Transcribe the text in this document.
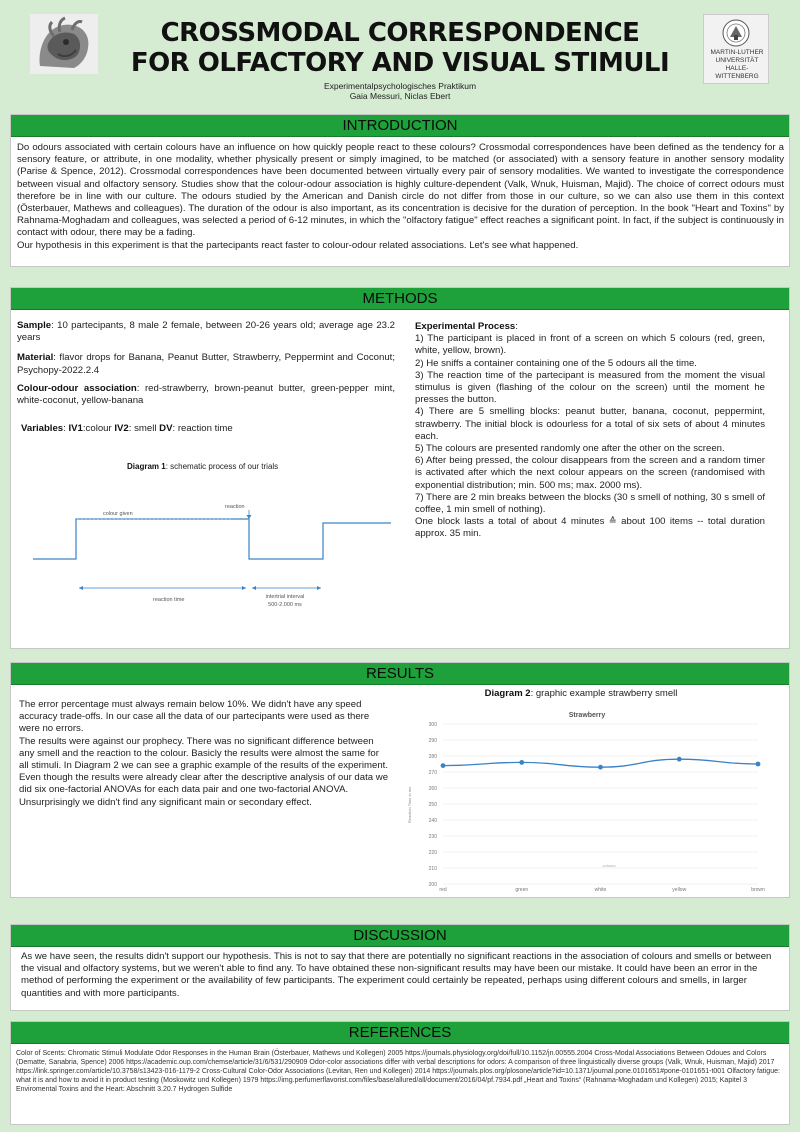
CROSSMODAL CORRESPONDENCE
FOR OLFACTORY AND VISUAL STIMULI
Experimentalpsychologisches Praktikum
Gaia Messuri, Niclas Ebert
MARTIN-LUTHER
UNIVERSITÄT
HALLE-WITTENBERG
INTRODUCTION
Do odours associated with certain colours have an influence on how quickly people react to these colours? Crossmodal correspondences have been defined as the tendency for a sensory feature, or attribute, in one modality, whether physically present or simply imagined, to be matched (or associated) with a sensory feature in another sensory modality (Parise & Spence, 2012). Crossmodal correspondences have been documented between virtually every pair of sensory modalities. We wanted to investigate the correspondence between visual and olfactory sensory. Studies show that the colour-odour association is highly culture-dependent (Valk, Wnuk, Huisman, Majid). The choice of correct odours must therefore be in line with our culture. The odours studied by the American and Danish circle do not differ from those in our culture, so we can also use them in this context (Österbauer, Mathews and colleagues). The duration of the odour is also important, as its concentration is decisive for the duration of perception. In the book "Heart and Toxins" by Rahnama-Moghadam and colleagues, was selected a period of 6-12 minutes, in which the "olfactory fatigue" effect reaches a significant point. In fact, if the subject is continuously in contact with odour, there may be a fading.
Our hypothesis in this experiment is that the partecipants react faster to colour-odour related associations. Let's see what happened.
METHODS
Sample: 10 partecipants, 8 male 2 female, between 20-26 years old; average age 23.2 years
Material: flavor drops for Banana, Peanut Butter, Strawberry, Peppermint and Coconut; Psychopy-2022.2.4
Colour-odour association: red-strawberry, brown-peanut butter, green-pepper mint, white-coconut, yellow-banana
Variables: IV1:colour IV2: smell DV: reaction time
Diagram 1: schematic process of our trials
colour given
reaction
reaction time	intertrial interval
500-2.000 ms
Experimental Process:
1) The participant is placed in front of a screen on which 5 colours (red, green, white, yellow, brown).
2) He sniffs a container containing one of the 5 odours all the time.
3) The reaction time of the partecipant is measured from the moment the visual stimulus is given (flashing of the colour on the screen) until the moment he presses the button.
4) There are 5 smelling blocks: peanut butter, banana, coconut, peppermint, strawberry. The initial block is odourless for a total of six sets of about 4 minutes each.
5) The colours are presented randomly one after the other on the screen.
6) After being pressed, the colour disappears from the screen and a random timer is activated after which the next colour appears on the screen (randomised with exponential distribution; min. 500 ms; max. 2000 ms).
7) There are 2 min breaks between the blocks (30 s smell of nothing, 30 s smell of coffee, 1 min smell of nothing).
One block lasts a total of about 4 minutes ≙ about 100 items -- total duration approx. 35 min.
RESULTS
The error percentage must always remain below 10%. We didn't have any speed accuracy trade-offs. In our case all the data of our partecipants were used as there were no errors.
The results were against our prophecy. There was no significant difference between any smell and the reaction to the colour. Basicly the results were almost the same for all stimuli. In Diagram 2 we can see a graphic example of the results of the experiment.
Even though the results were already clear after the descriptive analysis of our data we did six one-factorial ANOVAs for each data pair and one two-factorial ANOVA. Unsurprisingly we didn't find any significant main or secondary effect.
Diagram 2: graphic example strawberry smell
Strawberry
200
210
220
230
240
250
260
270
280
290
300
red	green	white	yellow	brown
Reaction Time in ms
colours
DISCUSSION
As we have seen, the results didn't support our hypothesis. This is not to say that there are potentially no significant reactions in the association of colours and smells or between the visual and olfactory systems, but we weren't able to find any. To have obtained these non-significant results may have been our mistake. It could have been an error in the method of performing the experiment or the availability of few participants. The experiment could certainly be repeated, perhaps using different colours and smells, in larger quantities and with more participants.
REFERENCES
Color of Scents: Chromatic Stimuli Modulate Odor Responses in the Human Brain (Österbauer, Mathews und Kollegen) 2005 https://journals.physiology.org/doi/full/10.1152/jn.00555.2004 Cross-Modal Associations Between Odoues and Colors (Dematte, Sanabria, Spence) 2006 https://academic.oup.com/chemse/article/31/6/531/290909 Odor-color associations differ with verbal descriptions for odors: A comparison of three linguistically diverse groups (Valk, Wnuk, Huisman, Majid) 2017 https://link.springer.com/article/10.3758/s13423-016-1179-2 Cross-Cultural Color-Odor Associations (Levitan, Ren und Kollegen) 2014 https://journals.plos.org/plosone/article?id=10.1371/journal.pone.0101651#pone-0101651-t001 Olfactory fatigue: what it is and how to avoid it in product testing (Moskowitz und Kollegen) 1979 https://img.perfumerflavorist.com/files/base/allured/all/document/2016/04/pf.7934.pdf „Heart and Toxins“ (Rahnama-Moghadam und Kollegen) 2015; Kapitel 3 Enviromental Toxins and the Heart: Abschnitt 3.20.7 Hydrogen Sulfide
